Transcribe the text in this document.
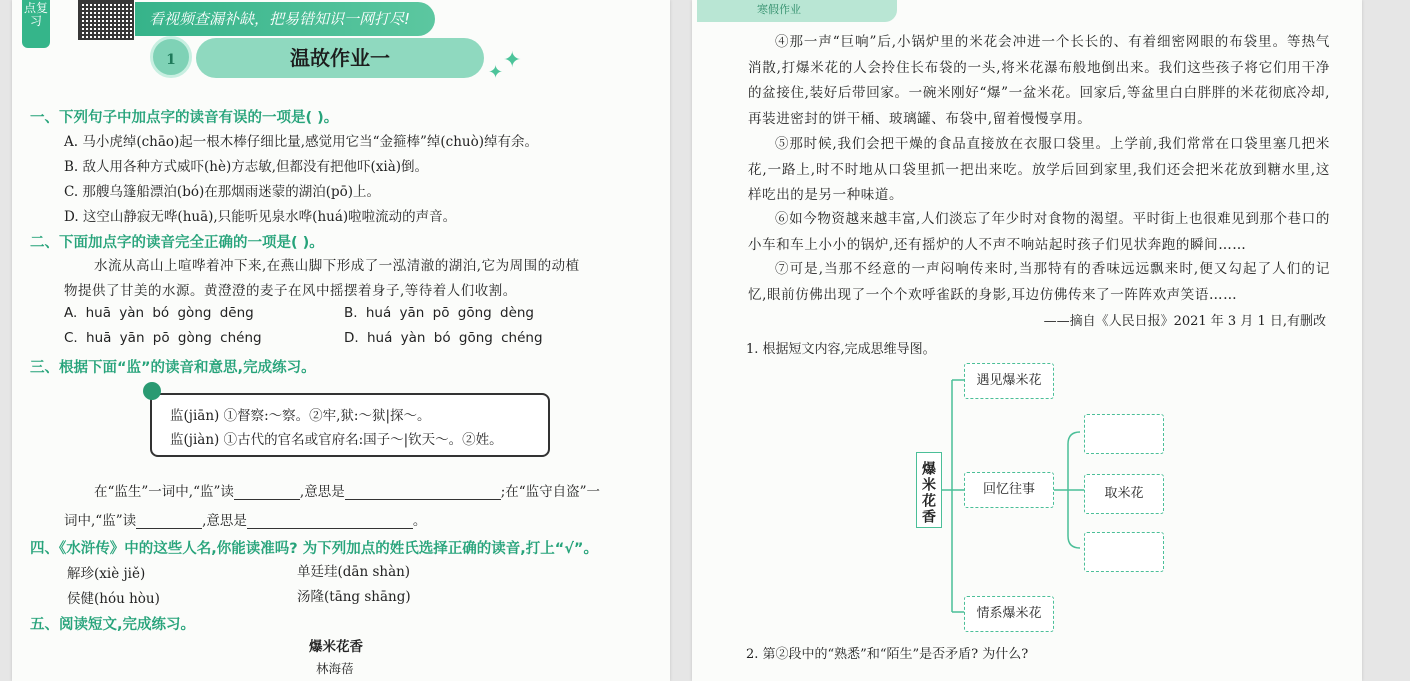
点复习	看视频查漏补缺，把易错知识一网打尽!
1	温故作业一
✦ ✦
一、下列句子中加点字的读音有误的一项是( )。
A. 马小虎绰(chāo)起一根木棒仔细比量,感觉用它当“金箍棒”绰(chuò)绰有余。
B. 敌人用各种方式威吓(hè)方志敏,但都没有把他吓(xià)倒。
C. 那艘乌篷船漂泊(bó)在那烟雨迷蒙的湖泊(pō)上。
D. 这空山静寂无哗(huā),只能听见泉水哗(huá)啦啦流动的声音。
二、下面加点字的读音完全正确的一项是( )。
水流从高山上喧哗着冲下来,在燕山脚下形成了一泓清澈的湖泊,它为周围的动植
物提供了甘美的水源。黄澄澄的麦子在风中摇摆着身子,等待着人们收割。
A. huā yàn bó gòng dēng	B. huá yān pō gōng dèng
C. huā yān pō gòng chéng	D. huá yàn bó gōng chéng
三、根据下面“监”的读音和意思,完成练习。
监(jiān) ①督察:～察。②牢,狱:～狱|探～。
监(jiàn) ①古代的官名或官府名:国子～|钦天～。②姓。
在“监生”一词中,“监”读	,意思是	;在“监守自盗”一
词中,“监”读	,意思是	。
四、《水浒传》中的这些人名,你能读准吗? 为下列加点的姓氏选择正确的读音,打上“√”。
解珍(xiè jiě)	单廷珪(dān shàn)
侯健(hóu hòu)	汤隆(tāng shāng)
五、阅读短文,完成练习。
爆米花香
林海蓓
寒假作业
④那一声“巨响”后,小锅炉里的米花会冲进一个长长的、有着细密网眼的布袋里。等热气消散,打爆米花的人会拎住长布袋的一头,将米花瀑布般地倒出来。我们这些孩子将它们用干净的盆接住,装好后带回家。一碗米刚好“爆”一盆米花。回家后,等盆里白白胖胖的米花彻底冷却,再装进密封的饼干桶、玻璃罐、布袋中,留着慢慢享用。
⑤那时候,我们会把干燥的食品直接放在衣服口袋里。上学前,我们常常在口袋里塞几把米花,一路上,时不时地从口袋里抓一把出来吃。放学后回到家里,我们还会把米花放到糖水里,这样吃出的是另一种味道。
⑥如今物资越来越丰富,人们淡忘了年少时对食物的渴望。平时街上也很难见到那个巷口的小车和车上小小的锅炉,还有摇炉的人不声不响站起时孩子们见状奔跑的瞬间……
⑦可是,当那不经意的一声闷响传来时,当那特有的香味远远飘来时,便又勾起了人们的记忆,眼前仿佛出现了一个个欢呼雀跃的身影,耳边仿佛传来了一阵阵欢声笑语……
——摘自《人民日报》2021 年 3 月 1 日,有删改
1. 根据短文内容,完成思维导图。
爆米花香
遇见爆米花
回忆往事
情系爆米花
取米花
2. 第②段中的“熟悉”和“陌生”是否矛盾? 为什么?
